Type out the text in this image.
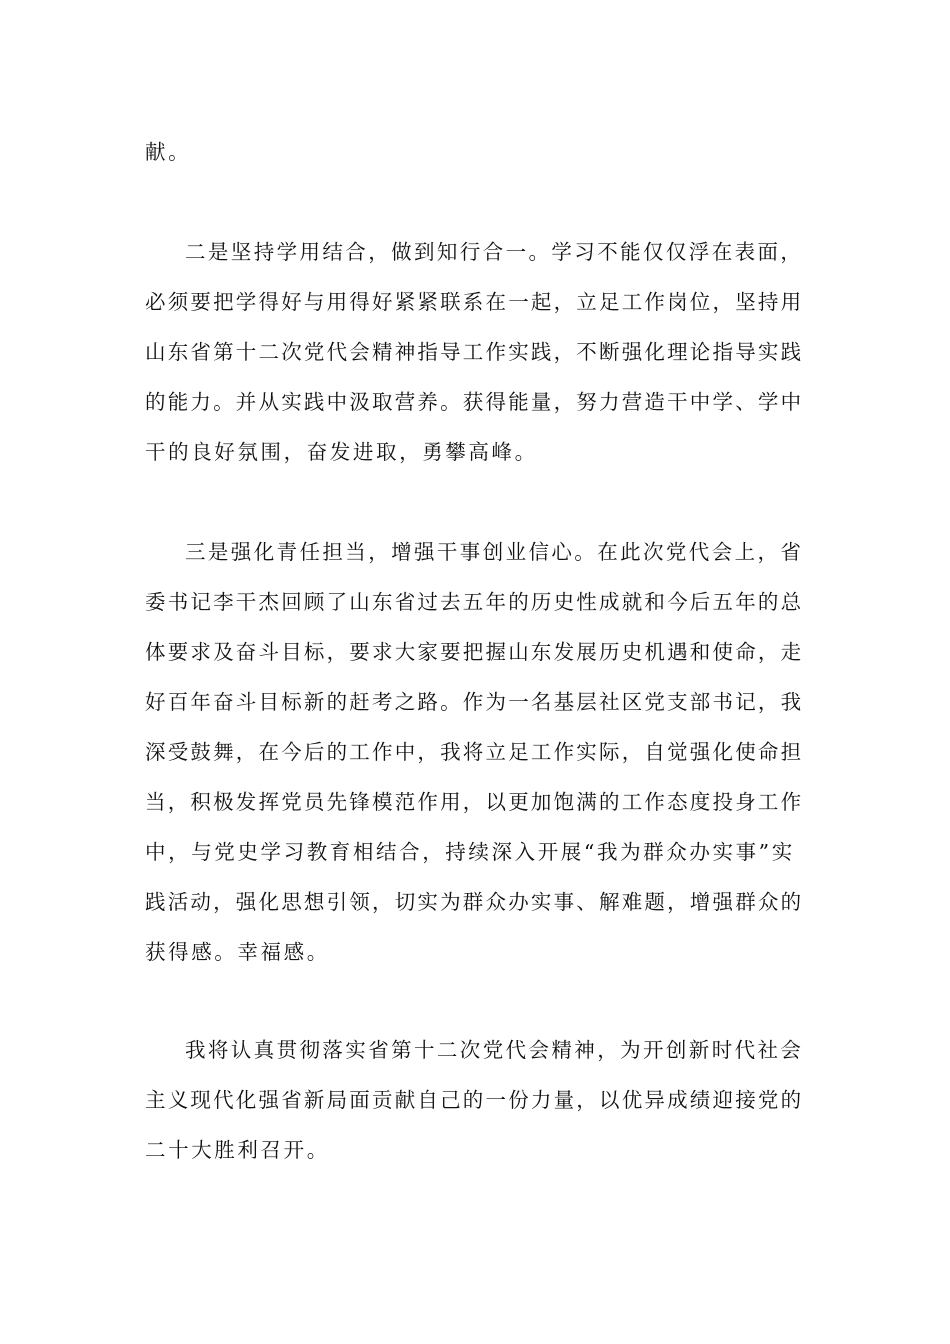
献。
二是坚持学用结合，做到知行合一。学习不能仅仅浮在表面，
必须要把学得好与用得好紧紧联系在一起，立足工作岗位，坚持用
山东省第十二次党代会精神指导工作实践，不断强化理论指导实践
的能力。并从实践中汲取营养。获得能量，努力营造干中学、学中
干的良好氛围，奋发进取，勇攀高峰。
三是强化青任担当，增强干事创业信心。在此次党代会上，省
委书记李干杰回顾了山东省过去五年的历史性成就和今后五年的总
体要求及奋斗目标，要求大家要把握山东发展历史机遇和使命，走
好百年奋斗目标新的赶考之路。作为一名基层社区党支部书记，我
深受鼓舞，在今后的工作中，我将立足工作实际，自觉强化使命担
当，积极发挥党员先锋模范作用，以更加饱满的工作态度投身工作
中，与党史学习教育相结合，持续深入开展“我为群众办实事”实
践活动，强化思想引领，切实为群众办实事、解难题，增强群众的
获得感。幸福感。
我将认真贯彻落实省第十二次党代会精神，为开创新时代社会
主义现代化强省新局面贡献自己的一份力量，以优异成绩迎接党的
二十大胜利召开。
